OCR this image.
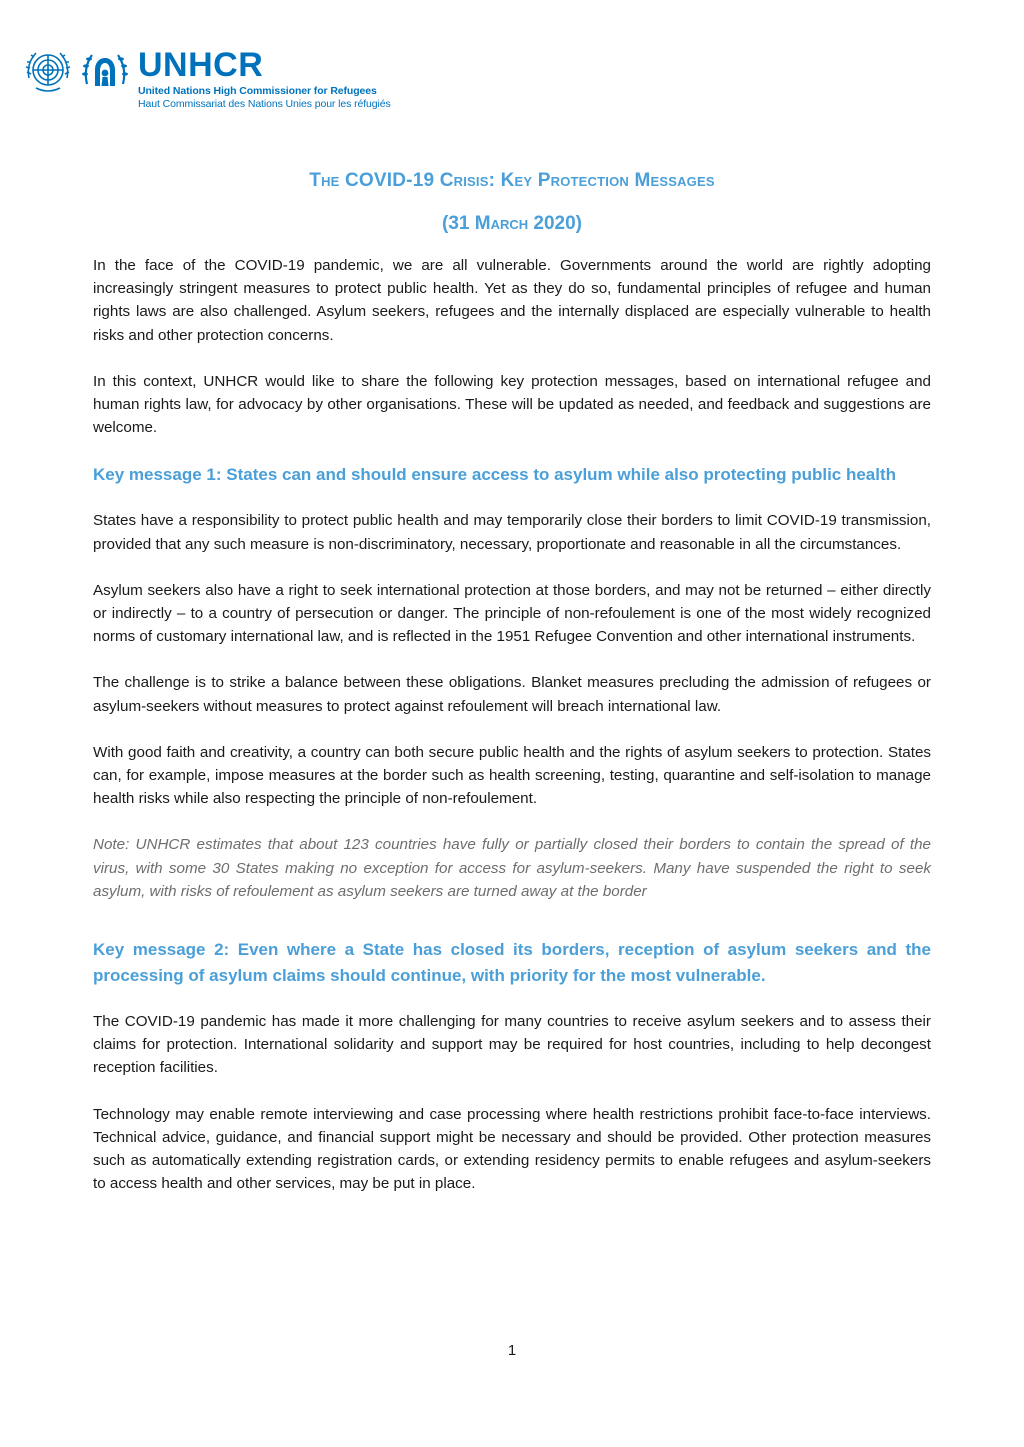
UNHCR
United Nations High Commissioner for Refugees
Haut Commissariat des Nations Unies pour les réfugiés
The COVID-19 Crisis: Key Protection Messages
(31 March 2020)

In the face of the COVID-19 pandemic, we are all vulnerable. Governments around the world are rightly adopting increasingly stringent measures to protect public health. Yet as they do so, fundamental principles of refugee and human rights laws are also challenged. Asylum seekers, refugees and the internally displaced are especially vulnerable to health risks and other protection concerns.

In this context, UNHCR would like to share the following key protection messages, based on international refugee and human rights law, for advocacy by other organisations. These will be updated as needed, and feedback and suggestions are welcome.

Key message 1: States can and should ensure access to asylum while also protecting public health

States have a responsibility to protect public health and may temporarily close their borders to limit COVID-19 transmission, provided that any such measure is non-discriminatory, necessary, proportionate and reasonable in all the circumstances.

Asylum seekers also have a right to seek international protection at those borders, and may not be returned – either directly or indirectly – to a country of persecution or danger. The principle of non-refoulement is one of the most widely recognized norms of customary international law, and is reflected in the 1951 Refugee Convention and other international instruments.

The challenge is to strike a balance between these obligations. Blanket measures precluding the admission of refugees or asylum-seekers without measures to protect against refoulement will breach international law.

With good faith and creativity, a country can both secure public health and the rights of asylum seekers to protection. States can, for example, impose measures at the border such as health screening, testing, quarantine and self-isolation to manage health risks while also respecting the principle of non-refoulement.

Note: UNHCR estimates that about 123 countries have fully or partially closed their borders to contain the spread of the virus, with some 30 States making no exception for access for asylum-seekers. Many have suspended the right to seek asylum, with risks of refoulement as asylum seekers are turned away at the border

Key message 2: Even where a State has closed its borders, reception of asylum seekers and the processing of asylum claims should continue, with priority for the most vulnerable.

The COVID-19 pandemic has made it more challenging for many countries to receive asylum seekers and to assess their claims for protection. International solidarity and support may be required for host countries, including to help decongest reception facilities.

Technology may enable remote interviewing and case processing where health restrictions prohibit face-to-face interviews. Technical advice, guidance, and financial support might be necessary and should be provided. Other protection measures such as automatically extending registration cards, or extending residency permits to enable refugees and asylum-seekers to access health and other services, may be put in place.

1
